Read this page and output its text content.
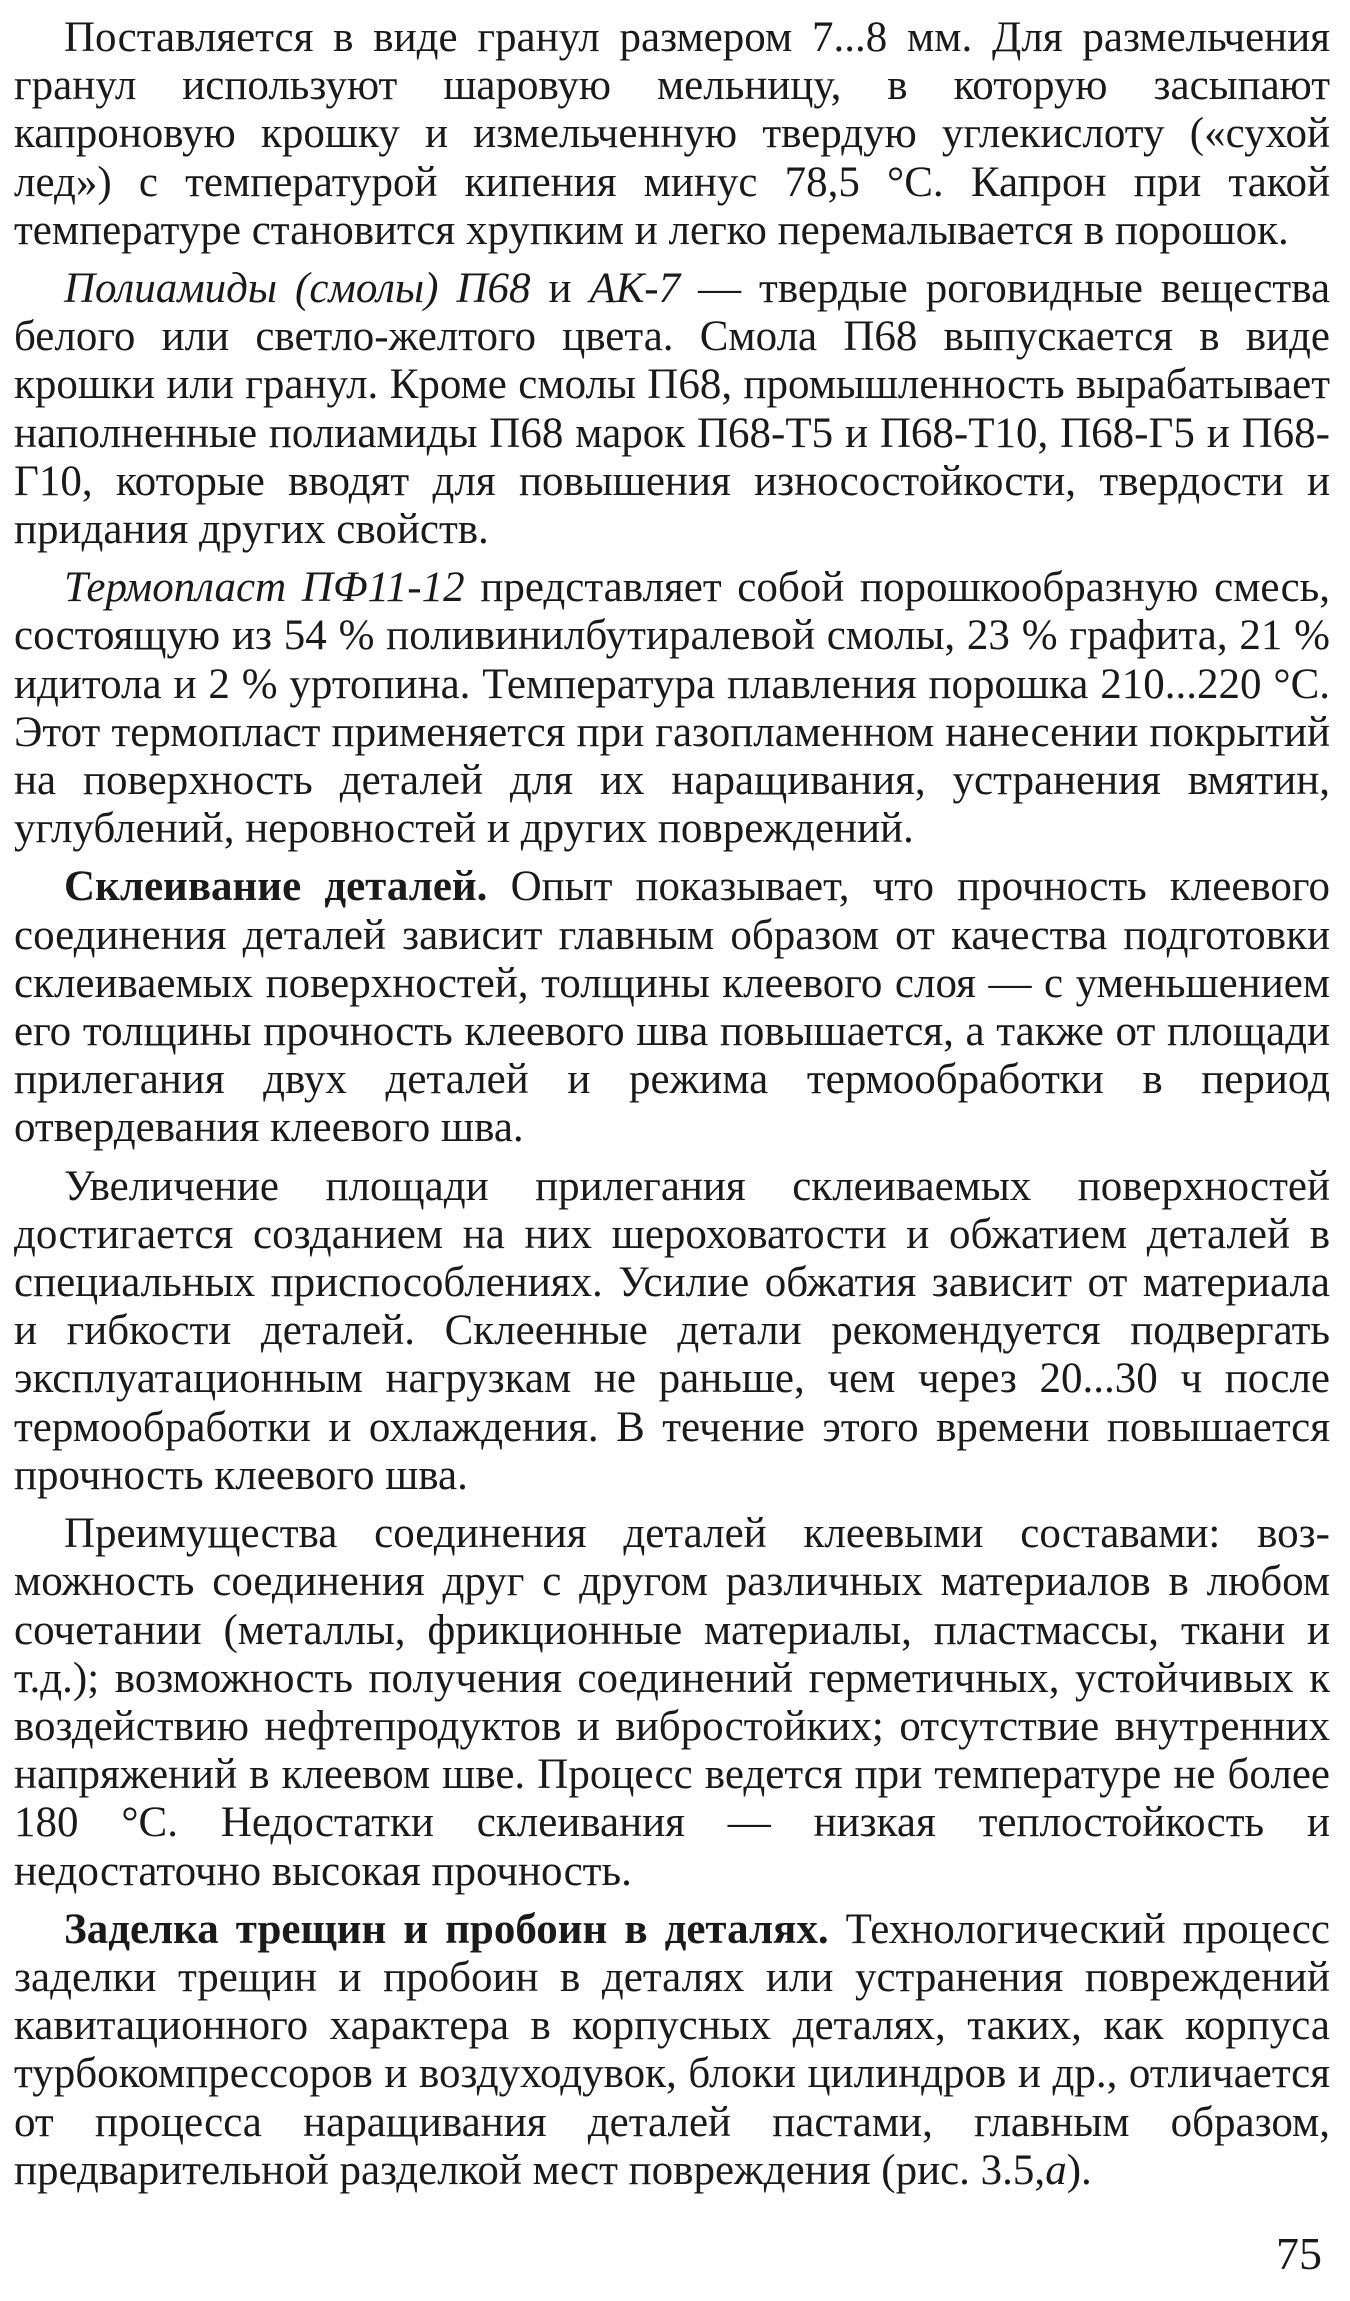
Поставляется в виде гранул размером 7...8 мм. Для размельчения гранул используют шаровую мельницу, в которую засыпают капроновую крошку и измельченную твердую углекислоту («сухой лед») с температурой кипения минус 78,5 °С. Капрон при такой температуре становится хрупким и легко перемалывается в порошок.

Полиамиды (смолы) П68 и АК-7 — твердые роговидные вещества белого или светло-желтого цвета. Смола П68 выпускается в виде крошки или гранул. Кроме смолы П68, промышленность вырабатывает наполненные полиамиды П68 марок П68-Т5 и П68-Т10, П68-Г5 и П68-Г10, которые вводят для повышения износостойкости, твердости и придания других свойств.

Термопласт ПФ11-12 представляет собой порошкообразную смесь, состоящую из 54 % поливинилбутиралевой смолы, 23 % графита, 21 % идитола и 2 % уртопина. Температура плавления порошка 210...220 °С. Этот термопласт применяется при газопламенном нанесении покрытий на поверхность деталей для их наращивания, устранения вмятин, углублений, неровностей и других повреждений.

Склеивание деталей. Опыт показывает, что прочность клеевого соединения деталей зависит главным образом от качества подготовки склеиваемых поверхностей, толщины клеевого слоя — с уменьшением его толщины прочность клеевого шва повышается, а также от площади прилегания двух деталей и режима термообработки в период отвердевания клеевого шва.

Увеличение площади прилегания склеиваемых поверхностей достигается созданием на них шероховатости и обжатием деталей в специальных приспособлениях. Усилие обжатия зависит от материала и гибкости деталей. Склеенные детали рекомендуется подвергать эксплуатационным нагрузкам не раньше, чем через 20...30 ч после термообработки и охлаждения. В течение этого времени повышается прочность клеевого шва.

Преимущества соединения деталей клеевыми составами: возможность соединения друг с другом различных материалов в любом сочетании (металлы, фрикционные материалы, пластмассы, ткани и т.д.); возможность получения соединений герметичных, устойчивых к воздействию нефтепродуктов и вибростойких; отсутствие внутренних напряжений в клеевом шве. Процесс ведется при температуре не более 180 °С. Недостатки склеивания — низкая теплостойкость и недостаточно высокая прочность.

Заделка трещин и пробоин в деталях. Технологический процесс заделки трещин и пробоин в деталях или устранения повреждений кавитационного характера в корпусных деталях, таких, как корпуса турбокомпрессоров и воздуходувок, блоки цилиндров и др., отличается от процесса наращивания деталей пастами, главным образом, предварительной разделкой мест повреждения (рис. 3.5,а).

75
